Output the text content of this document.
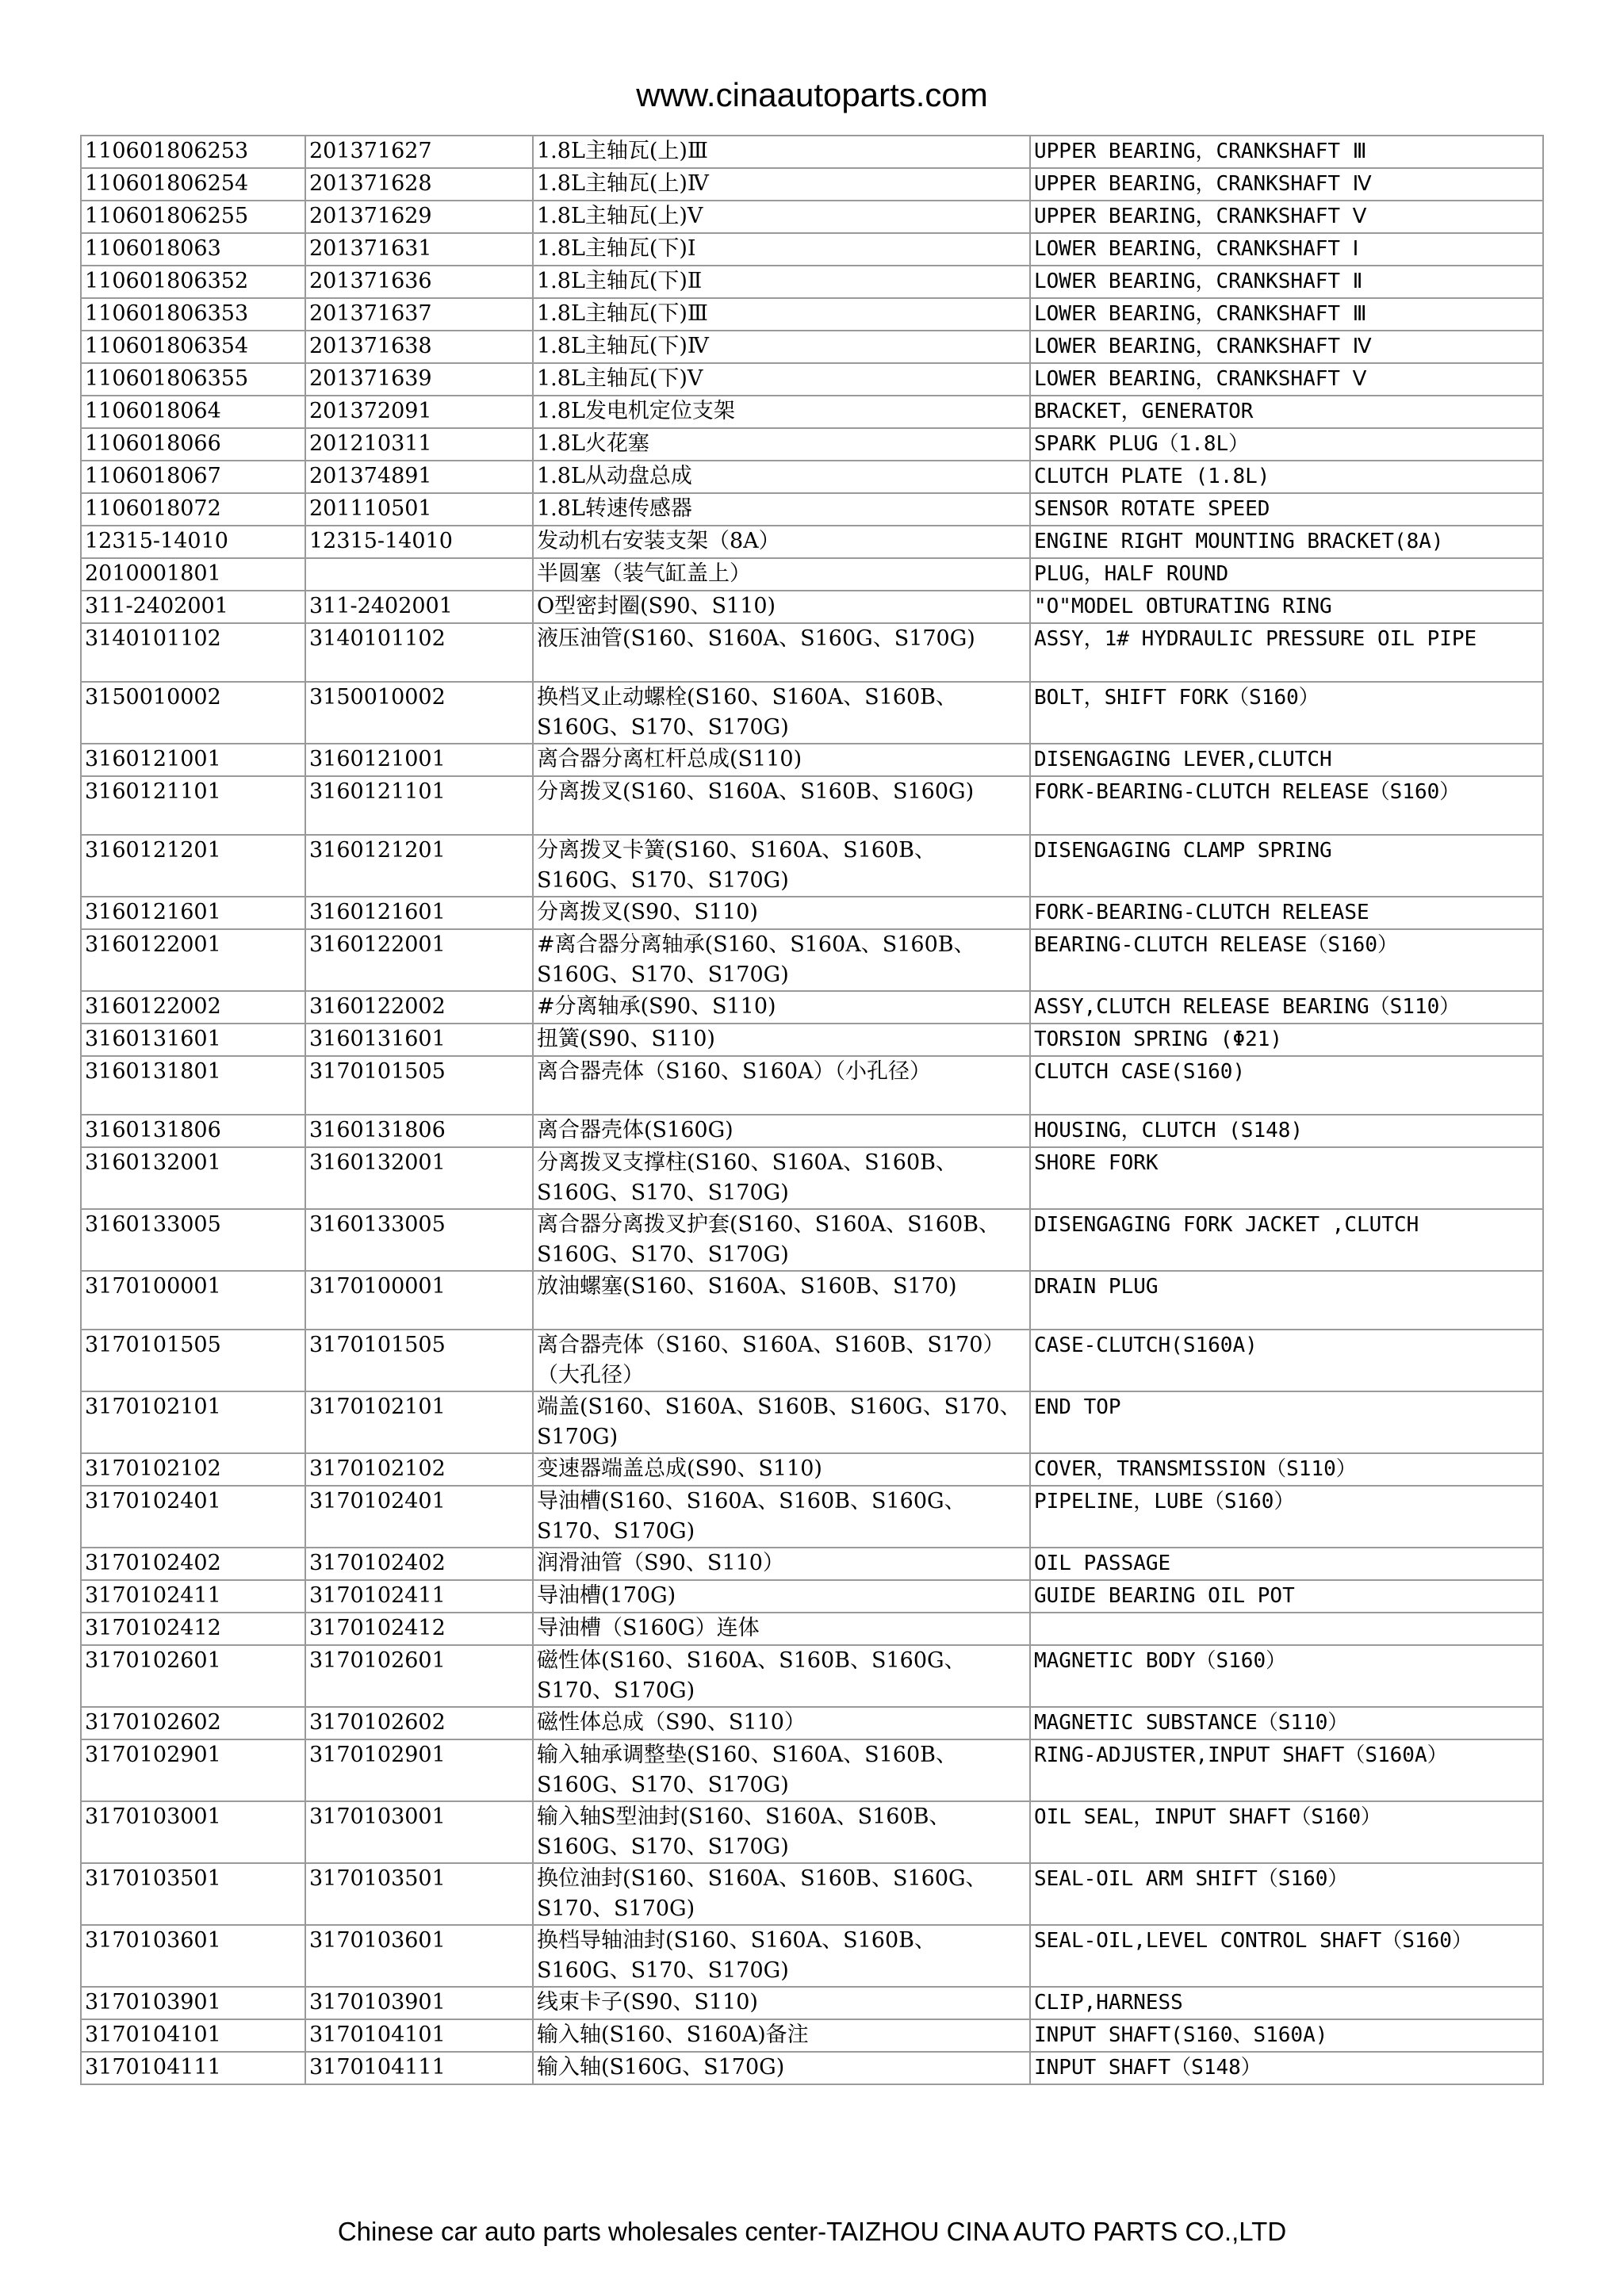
www.cinaautoparts.com
110601806253	201371627	1.8L主轴瓦(上)Ⅲ	UPPER BEARING，CRANKSHAFT Ⅲ
110601806254	201371628	1.8L主轴瓦(上)Ⅳ	UPPER BEARING，CRANKSHAFT Ⅳ
110601806255	201371629	1.8L主轴瓦(上)Ⅴ	UPPER BEARING，CRANKSHAFT Ⅴ
1106018063	201371631	1.8L主轴瓦(下)Ⅰ	LOWER BEARING，CRANKSHAFT Ⅰ
110601806352	201371636	1.8L主轴瓦(下)Ⅱ	LOWER BEARING，CRANKSHAFT Ⅱ
110601806353	201371637	1.8L主轴瓦(下)Ⅲ	LOWER BEARING，CRANKSHAFT Ⅲ
110601806354	201371638	1.8L主轴瓦(下)Ⅳ	LOWER BEARING，CRANKSHAFT Ⅳ
110601806355	201371639	1.8L主轴瓦(下)Ⅴ	LOWER BEARING，CRANKSHAFT Ⅴ
1106018064	201372091	1.8L发电机定位支架	BRACKET，GENERATOR
1106018066	201210311	1.8L火花塞	SPARK PLUG（1.8L）
1106018067	201374891	1.8L从动盘总成	CLUTCH PLATE (1.8L)
1106018072	201110501	1.8L转速传感器	SENSOR ROTATE SPEED
12315-14010	12315-14010	发动机右安装支架（8A）	ENGINE RIGHT MOUNTING BRACKET(8A)
2010001801		半圆塞（装气缸盖上）	PLUG，HALF ROUND
311-2402001	311-2402001	O型密封圈(S90、S110)	"O"MODEL OBTURATING RING
3140101102	3140101102	液压油管(S160、S160A、S160G、S170G)	ASSY，1# HYDRAULIC PRESSURE OIL PIPE
3150010002	3150010002	换档叉止动螺栓(S160、S160A、S160B、S160G、S170、S170G)	BOLT，SHIFT FORK（S160）
3160121001	3160121001	离合器分离杠杆总成(S110)	DISENGAGING LEVER,CLUTCH
3160121101	3160121101	分离拨叉(S160、S160A、S160B、S160G)	FORK-BEARING-CLUTCH RELEASE（S160）
3160121201	3160121201	分离拨叉卡簧(S160、S160A、S160B、S160G、S170、S170G)	DISENGAGING CLAMP SPRING
3160121601	3160121601	分离拨叉(S90、S110)	FORK-BEARING-CLUTCH RELEASE
3160122001	3160122001	#离合器分离轴承(S160、S160A、S160B、S160G、S170、S170G)	BEARING-CLUTCH RELEASE（S160）
3160122002	3160122002	#分离轴承(S90、S110)	ASSY,CLUTCH RELEASE BEARING（S110）
3160131601	3160131601	扭簧(S90、S110)	TORSION SPRING (Φ21)
3160131801	3170101505	离合器壳体（S160、S160A）（小孔径）	CLUTCH CASE(S160)
3160131806	3160131806	离合器壳体(S160G)	HOUSING，CLUTCH (S148)
3160132001	3160132001	分离拨叉支撑柱(S160、S160A、S160B、S160G、S170、S170G)	SHORE FORK
3160133005	3160133005	离合器分离拨叉护套(S160、S160A、S160B、S160G、S170、S170G)	DISENGAGING FORK JACKET ,CLUTCH
3170100001	3170100001	放油螺塞(S160、S160A、S160B、S170)	DRAIN PLUG
3170101505	3170101505	离合器壳体（S160、S160A、S160B、S170）（大孔径）	CASE-CLUTCH(S160A)
3170102101	3170102101	端盖(S160、S160A、S160B、S160G、S170、S170G)	END TOP
3170102102	3170102102	变速器端盖总成(S90、S110)	COVER，TRANSMISSION（S110）
3170102401	3170102401	导油槽(S160、S160A、S160B、S160G、S170、S170G)	PIPELINE，LUBE（S160）
3170102402	3170102402	润滑油管（S90、S110）	OIL PASSAGE
3170102411	3170102411	导油槽(170G)	GUIDE BEARING OIL POT
3170102412	3170102412	导油槽（S160G）连体	
3170102601	3170102601	磁性体(S160、S160A、S160B、S160G、S170、S170G)	MAGNETIC BODY（S160）
3170102602	3170102602	磁性体总成（S90、S110）	MAGNETIC SUBSTANCE（S110）
3170102901	3170102901	输入轴承调整垫(S160、S160A、S160B、S160G、S170、S170G)	RING-ADJUSTER,INPUT SHAFT（S160A）
3170103001	3170103001	输入轴S型油封(S160、S160A、S160B、S160G、S170、S170G)	OIL SEAL，INPUT SHAFT（S160）
3170103501	3170103501	换位油封(S160、S160A、S160B、S160G、S170、S170G)	SEAL-OIL ARM SHIFT（S160）
3170103601	3170103601	换档导轴油封(S160、S160A、S160B、S160G、S170、S170G)	SEAL-OIL,LEVEL CONTROL SHAFT（S160）
3170103901	3170103901	线束卡子(S90、S110)	CLIP,HARNESS
3170104101	3170104101	输入轴(S160、S160A)备注	INPUT SHAFT(S160、S160A)
3170104111	3170104111	输入轴(S160G、S170G)	INPUT SHAFT（S148）
Chinese car auto parts wholesales center-TAIZHOU CINA AUTO PARTS CO.,LTD
